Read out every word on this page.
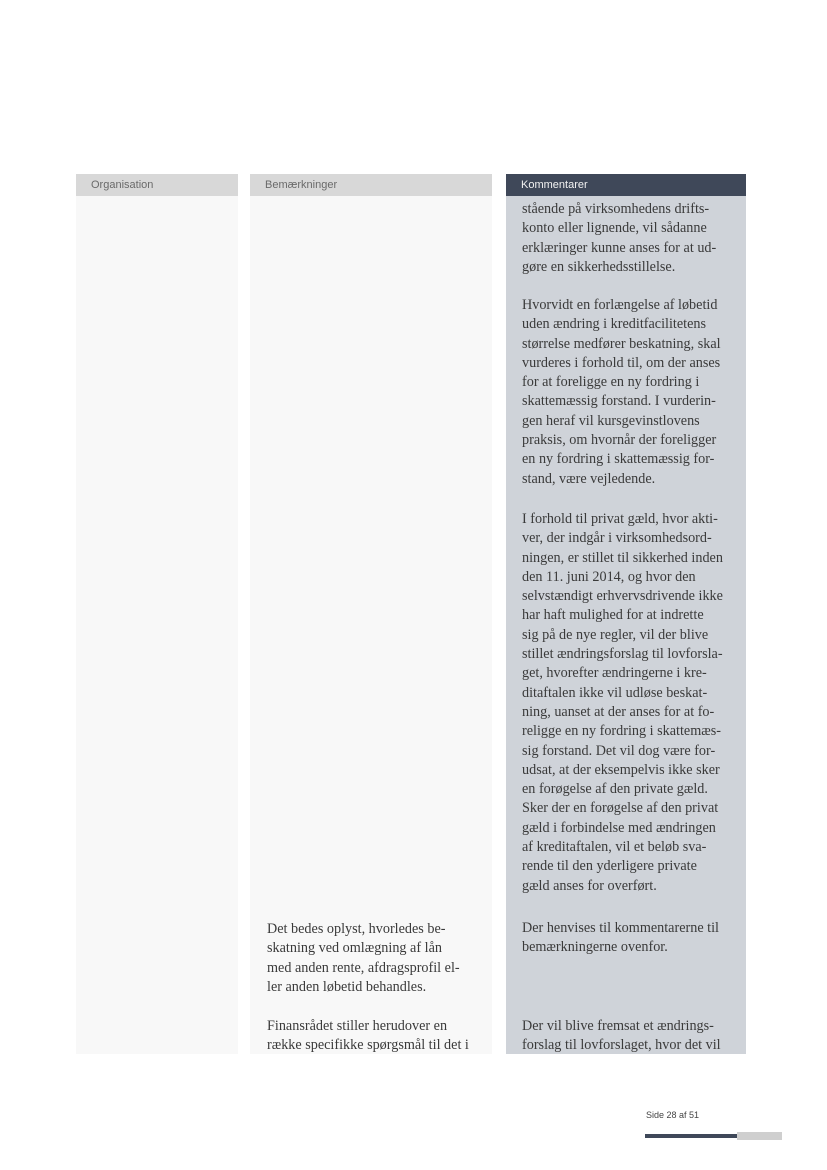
Organisation	Bemærkninger
Det bedes oplyst, hvorledes be-
skatning ved omlægning af lån
med anden rente, afdragsprofil el-
ler anden løbetid behandles.
Finansrådet stiller herudover en
række specifikke spørgsmål til det i
Kommentarer
stående på virksomhedens drifts-
konto eller lignende, vil sådanne
erklæringer kunne anses for at ud-
gøre en sikkerhedsstillelse.
Hvorvidt en forlængelse af løbetid
uden ændring i kreditfaciliteten​s
størrelse medfører beskatning, skal
vurderes i forhold til, om der anses
for at foreligge en ny fordring i
skattemæssig forstand. I vurderin-
gen heraf vil kursgevinstlovens
praksis, om hvornår der foreligger
en ny fordring i skattemæssig for-
stand, være vejledende.
I forhold til privat gæld, hvor akti-
ver, der indgår i virksomhedsord-
ningen, er stillet til sikkerhed inden
den 11. juni 2014, og hvor den
selvstændigt erhvervsdrivende ikke
har haft mulighed for at indrette
sig på de nye regler, vil der blive
stillet ændringsforslag til lovforsla-
get, hvorefter ændringerne i kre-
ditaftalen ikke vil udløse beskat-
ning, uanset at der anses for at fo-
religge en ny fordring i skattemæs-
sig forstand. Det vil dog være for-
udsat, at der eksempelvis ikke sker
en forøgelse af den private gæld.
Sker der en forøgelse af den privat
gæld i forbindelse med ændringen
af kreditaftalen, vil et beløb sva-
rende til den yderligere private
gæld anses for overført.
Der henvises til kommentarerne til
bemærkningerne ovenfor.
Der vil blive fremsat et ændrings-
forslag til lovforslaget, hvor det vil
Side 28 af 51
